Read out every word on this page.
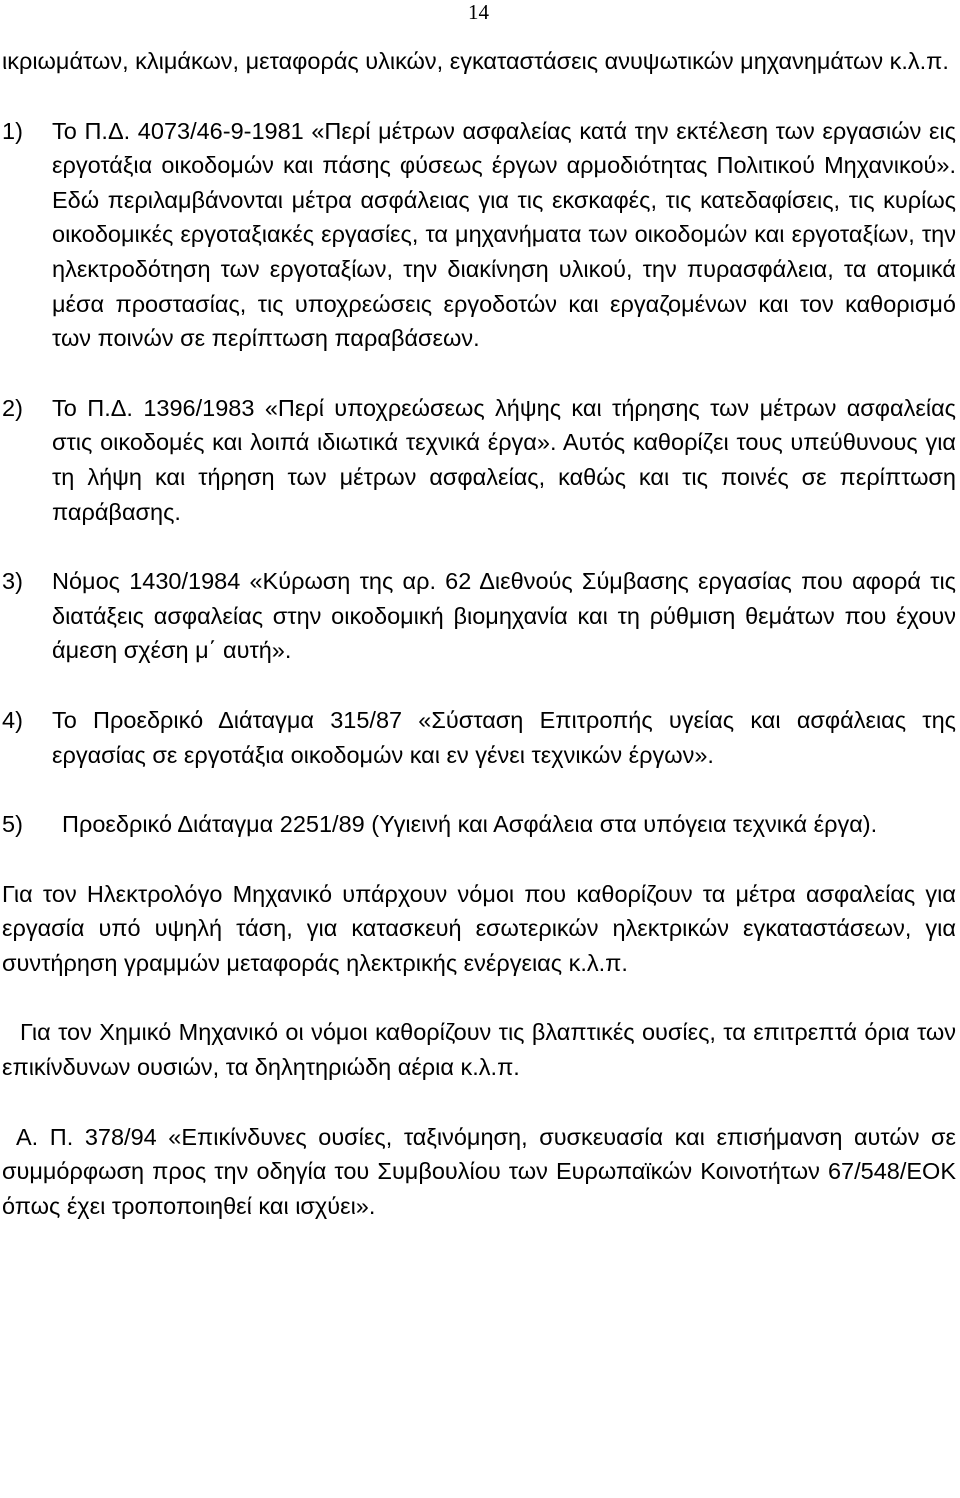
14

ικριωμάτων, κλιμάκων, μεταφοράς υλικών, εγκαταστάσεις ανυψωτικών μηχανημάτων κ.λ.π.

1)	Το Π.Δ. 4073/46-9-1981 «Περί μέτρων ασφαλείας κατά την εκτέλεση των εργασιών εις εργοτάξια οικοδομών και πάσης φύσεως έργων αρμοδιότητας Πολιτικού Μηχανικού». Εδώ περιλαμβάνονται μέτρα ασφάλειας για τις εκσκαφές, τις κατεδαφίσεις, τις κυρίως οικοδομικές εργοταξιακές εργασίες, τα μηχανήματα των οικοδομών και εργοταξίων, την ηλεκτροδότηση των εργοταξίων, την διακίνηση υλικού, την πυρασφάλεια, τα ατομικά μέσα προστασίας, τις υποχρεώσεις εργοδοτών και εργαζομένων και τον καθορισμό των ποινών σε περίπτωση παραβάσεων.
2)	Το Π.Δ. 1396/1983 «Περί υποχρεώσεως λήψης και τήρησης των μέτρων ασφαλείας στις οικοδομές και λοιπά ιδιωτικά τεχνικά έργα». Αυτός καθορίζει τους υπεύθυνους για τη λήψη και τήρηση των μέτρων ασφαλείας, καθώς και τις ποινές σε περίπτωση παράβασης.
3)	Νόμος 1430/1984 «Κύρωση της αρ. 62 Διεθνούς Σύμβασης εργασίας που αφορά τις διατάξεις ασφαλείας στην οικοδομική βιομηχανία και τη ρύθμιση θεμάτων που έχουν άμεση σχέση μ΄ αυτή».
4)	Το Προεδρικό Διάταγμα 315/87 «Σύσταση Επιτροπής υγείας και ασφάλειας της εργασίας σε εργοτάξια οικοδομών και εν γένει τεχνικών έργων».
5)	Προεδρικό Διάταγμα 2251/89 (Υγιεινή και Ασφάλεια στα υπόγεια τεχνικά έργα).

Για τον Ηλεκτρολόγο Μηχανικό υπάρχουν νόμοι που καθορίζουν τα μέτρα ασφαλείας για εργασία υπό υψηλή τάση, για κατασκευή εσωτερικών ηλεκτρικών εγκαταστάσεων, για συντήρηση γραμμών μεταφοράς ηλεκτρικής ενέργειας κ.λ.π.

Για τον Χημικό Μηχανικό οι νόμοι καθορίζουν τις βλαπτικές ουσίες, τα επιτρεπτά όρια των επικίνδυνων ουσιών, τα δηλητηριώδη αέρια κ.λ.π.

Α. Π. 378/94 «Επικίνδυνες ουσίες, ταξινόμηση, συσκευασία και επισήμανση αυτών σε συμμόρφωση προς την οδηγία του Συμβουλίου των Ευρωπαϊκών Κοινοτήτων 67/548/ΕΟΚ όπως έχει τροποποιηθεί και ισχύει».
